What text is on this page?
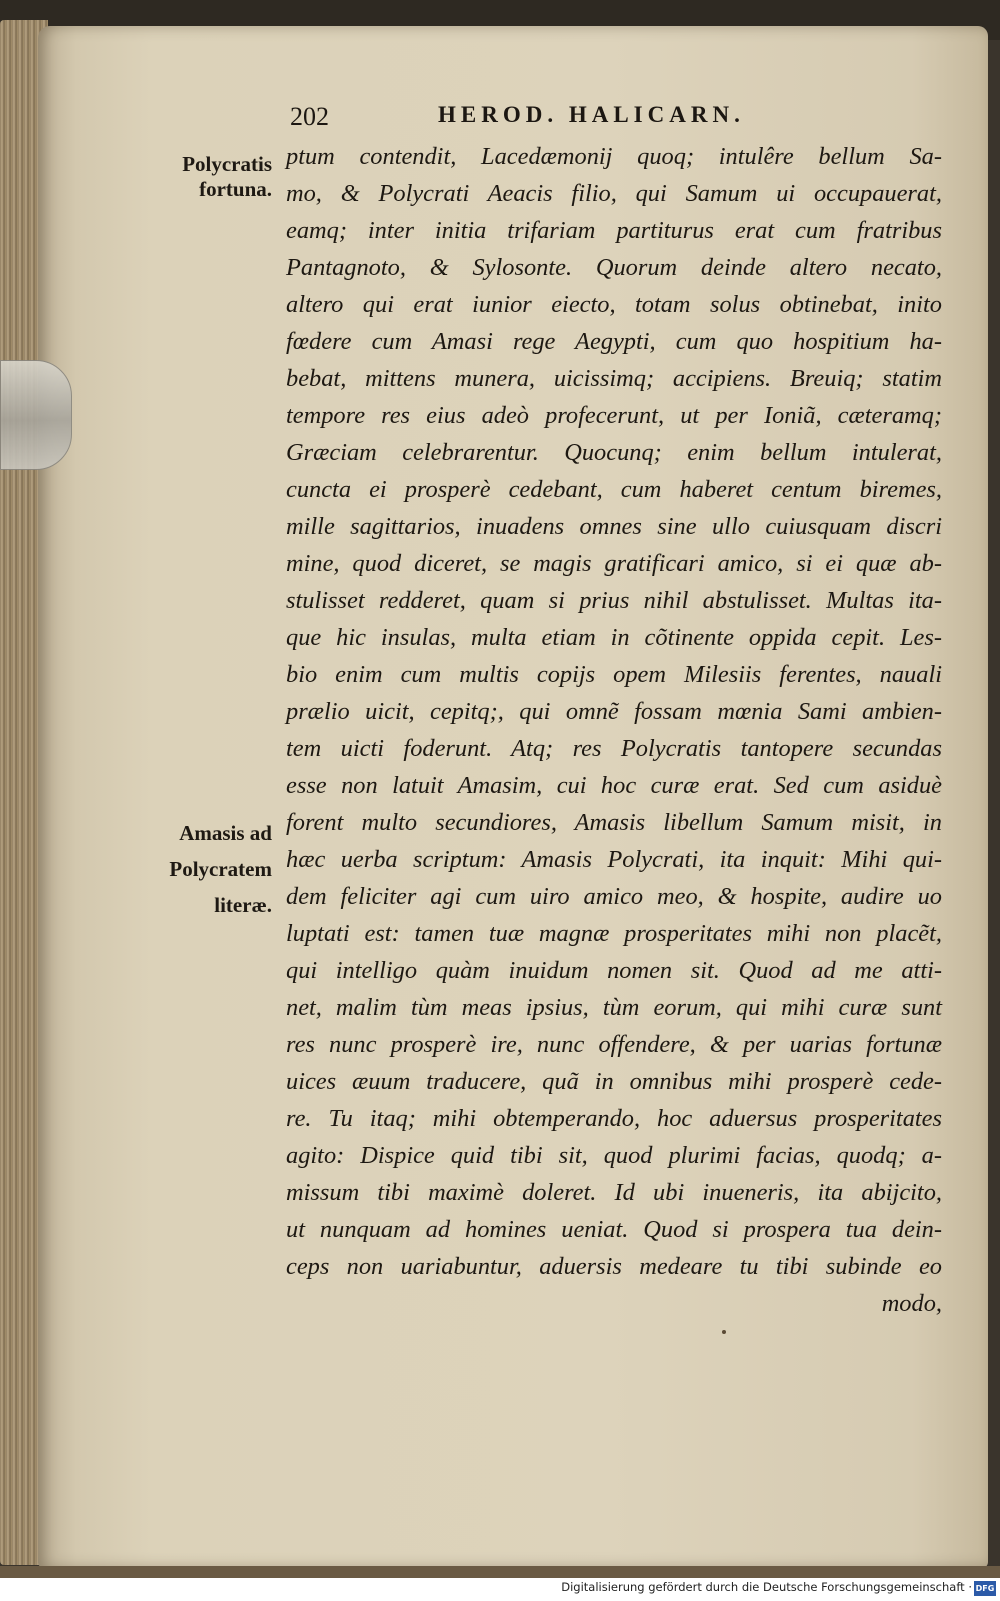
202	HEROD. HALICARN.
Polycratis
fortuna.
Amasis ad
Polycratem
literæ.
ptum contendit, Lacedæmonij quoq; intulêre bellum Sa-
mo, & Polycrati Aeacis filio, qui Samum ui occupauerat,
eamq; inter initia trifariam partiturus erat cum fratribus
Pantagnoto, & Sylosonte. Quorum deinde altero necato,
altero qui erat iunior eiecto, totam solus obtinebat, inito
fœdere cum Amasi rege Aegypti, cum quo hospitium ha-
bebat, mittens munera, uicissimq; accipiens. Breuiq; statim
tempore res eius adeò profecerunt, ut per Ioniã, cæteramq;
Græciam celebrarentur. Quocunq; enim bellum intulerat,
cuncta ei prosperè cedebant, cum haberet centum biremes,
mille sagittarios, inuadens omnes sine ullo cuiusquam discri
mine, quod diceret, se magis gratificari amico, si ei quæ ab-
stulisset redderet, quam si prius nihil abstulisset. Multas ita-
que hic insulas, multa etiam in cõtinente oppida cepit. Les-
bio enim cum multis copijs opem Milesiis ferentes, nauali
prælio uicit, cepitq;, qui omnẽ fossam mœnia Sami ambien-
tem uicti foderunt. Atq; res Polycratis tantopere secundas
esse non latuit Amasim, cui hoc curæ erat. Sed cum asiduè
forent multo secundiores, Amasis libellum Samum misit, in
hæc uerba scriptum: Amasis Polycrati, ita inquit: Mihi qui-
dem feliciter agi cum uiro amico meo, & hospite, audire uo
luptati est: tamen tuæ magnæ prosperitates mihi non placẽt,
qui intelligo quàm inuidum nomen sit. Quod ad me atti-
net, malim tùm meas ipsius, tùm eorum, qui mihi curæ sunt
res nunc prosperè ire, nunc offendere, & per uarias fortunæ
uices æuum traducere, quã in omnibus mihi prosperè cede-
re. Tu itaq; mihi obtemperando, hoc aduersus prosperitates
agito: Dispice quid tibi sit, quod plurimi facias, quodq; a-
missum tibi maximè doleret. Id ubi inueneris, ita abijcito,
ut nunquam ad homines ueniat. Quod si prospera tua dein-
ceps non uariabuntur, aduersis medeare tu tibi subinde eo
modo,
Digitalisierung gefördert durch die Deutsche Forschungsgemeinschaft · DFG
